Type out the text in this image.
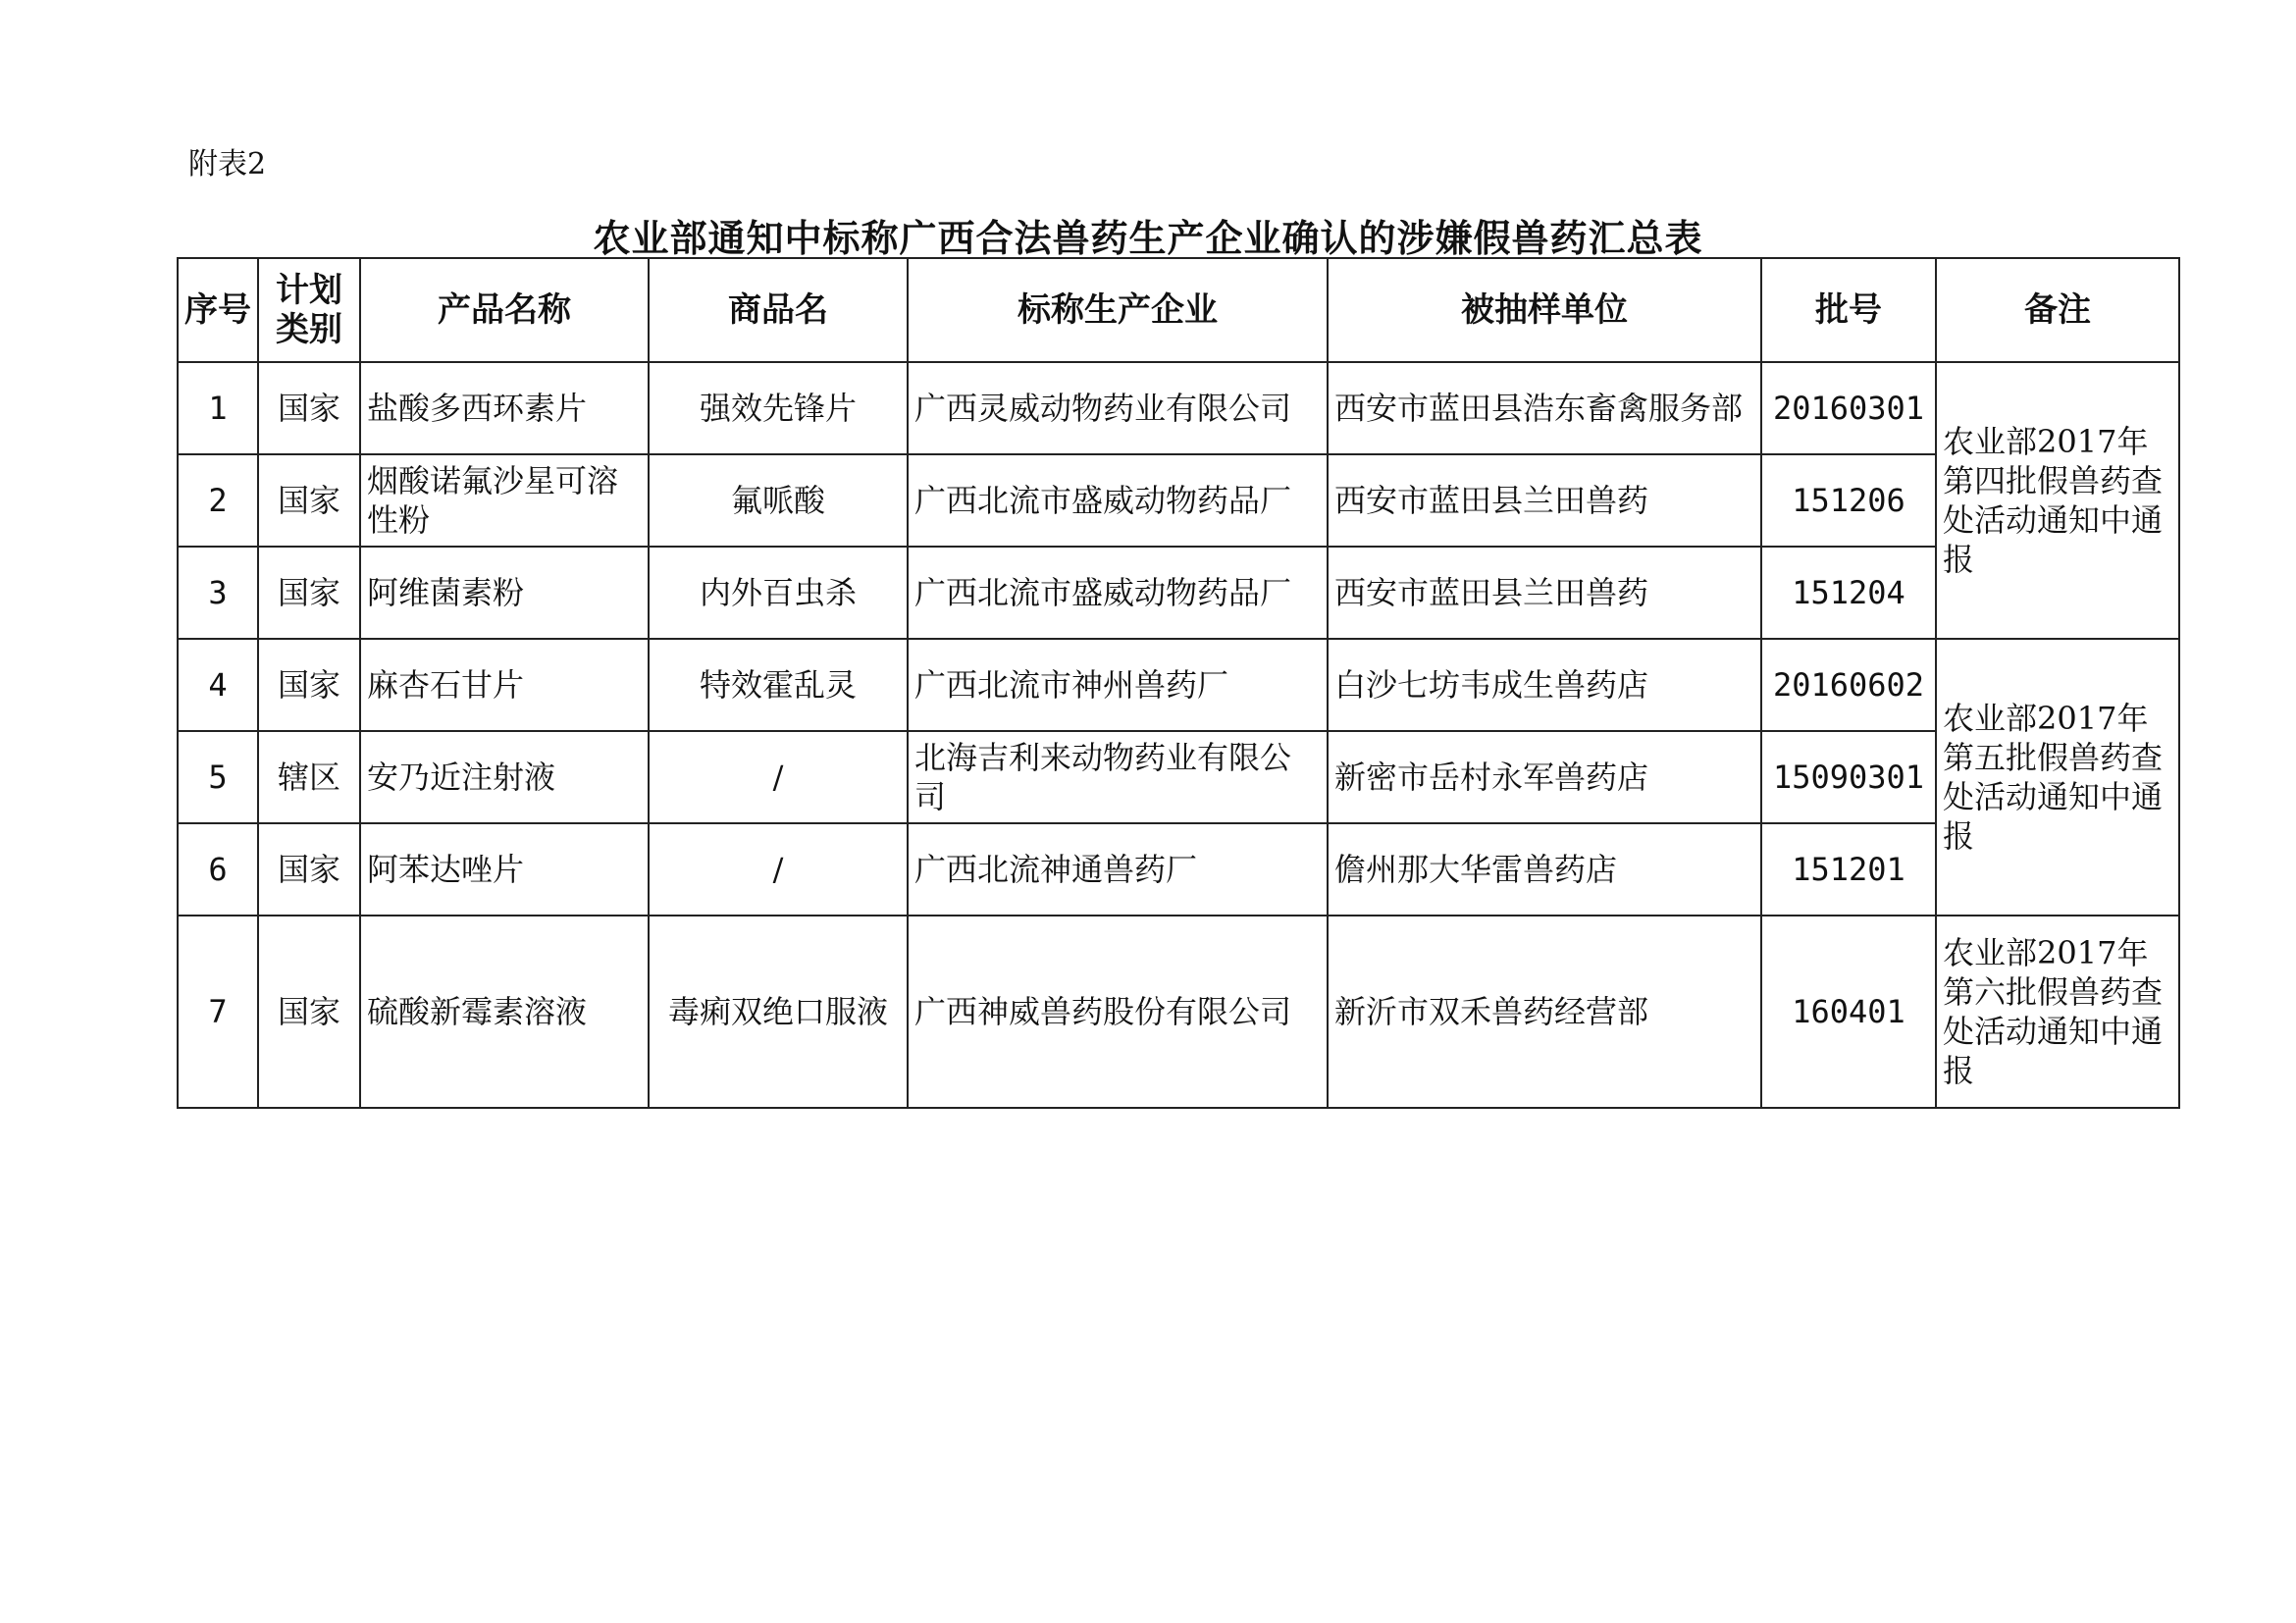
附表2
农业部通知中标称广西合法兽药生产企业确认的涉嫌假兽药汇总表
序号	计划类别	产品名称	商品名	标称生产企业	被抽样单位	批号	备注
1	国家	盐酸多西环素片	强效先锋片	广西灵威动物药业有限公司	西安市蓝田县浩东畜禽服务部	20160301	农业部2017年第四批假兽药查处活动通知中通报
2	国家	烟酸诺氟沙星可溶性粉	氟哌酸	广西北流市盛威动物药品厂	西安市蓝田县兰田兽药	151206	
3	国家	阿维菌素粉	内外百虫杀	广西北流市盛威动物药品厂	西安市蓝田县兰田兽药	151204	
4	国家	麻杏石甘片	特效霍乱灵	广西北流市神州兽药厂	白沙七坊韦成生兽药店	20160602	农业部2017年第五批假兽药查处活动通知中通报
5	辖区	安乃近注射液	/	北海吉利来动物药业有限公司	新密市岳村永军兽药店	15090301	
6	国家	阿苯达唑片	/	广西北流神通兽药厂	儋州那大华雷兽药店	151201	
7	国家	硫酸新霉素溶液	毒痢双绝口服液	广西神威兽药股份有限公司	新沂市双禾兽药经营部	160401	农业部2017年第六批假兽药查处活动通知中通报
